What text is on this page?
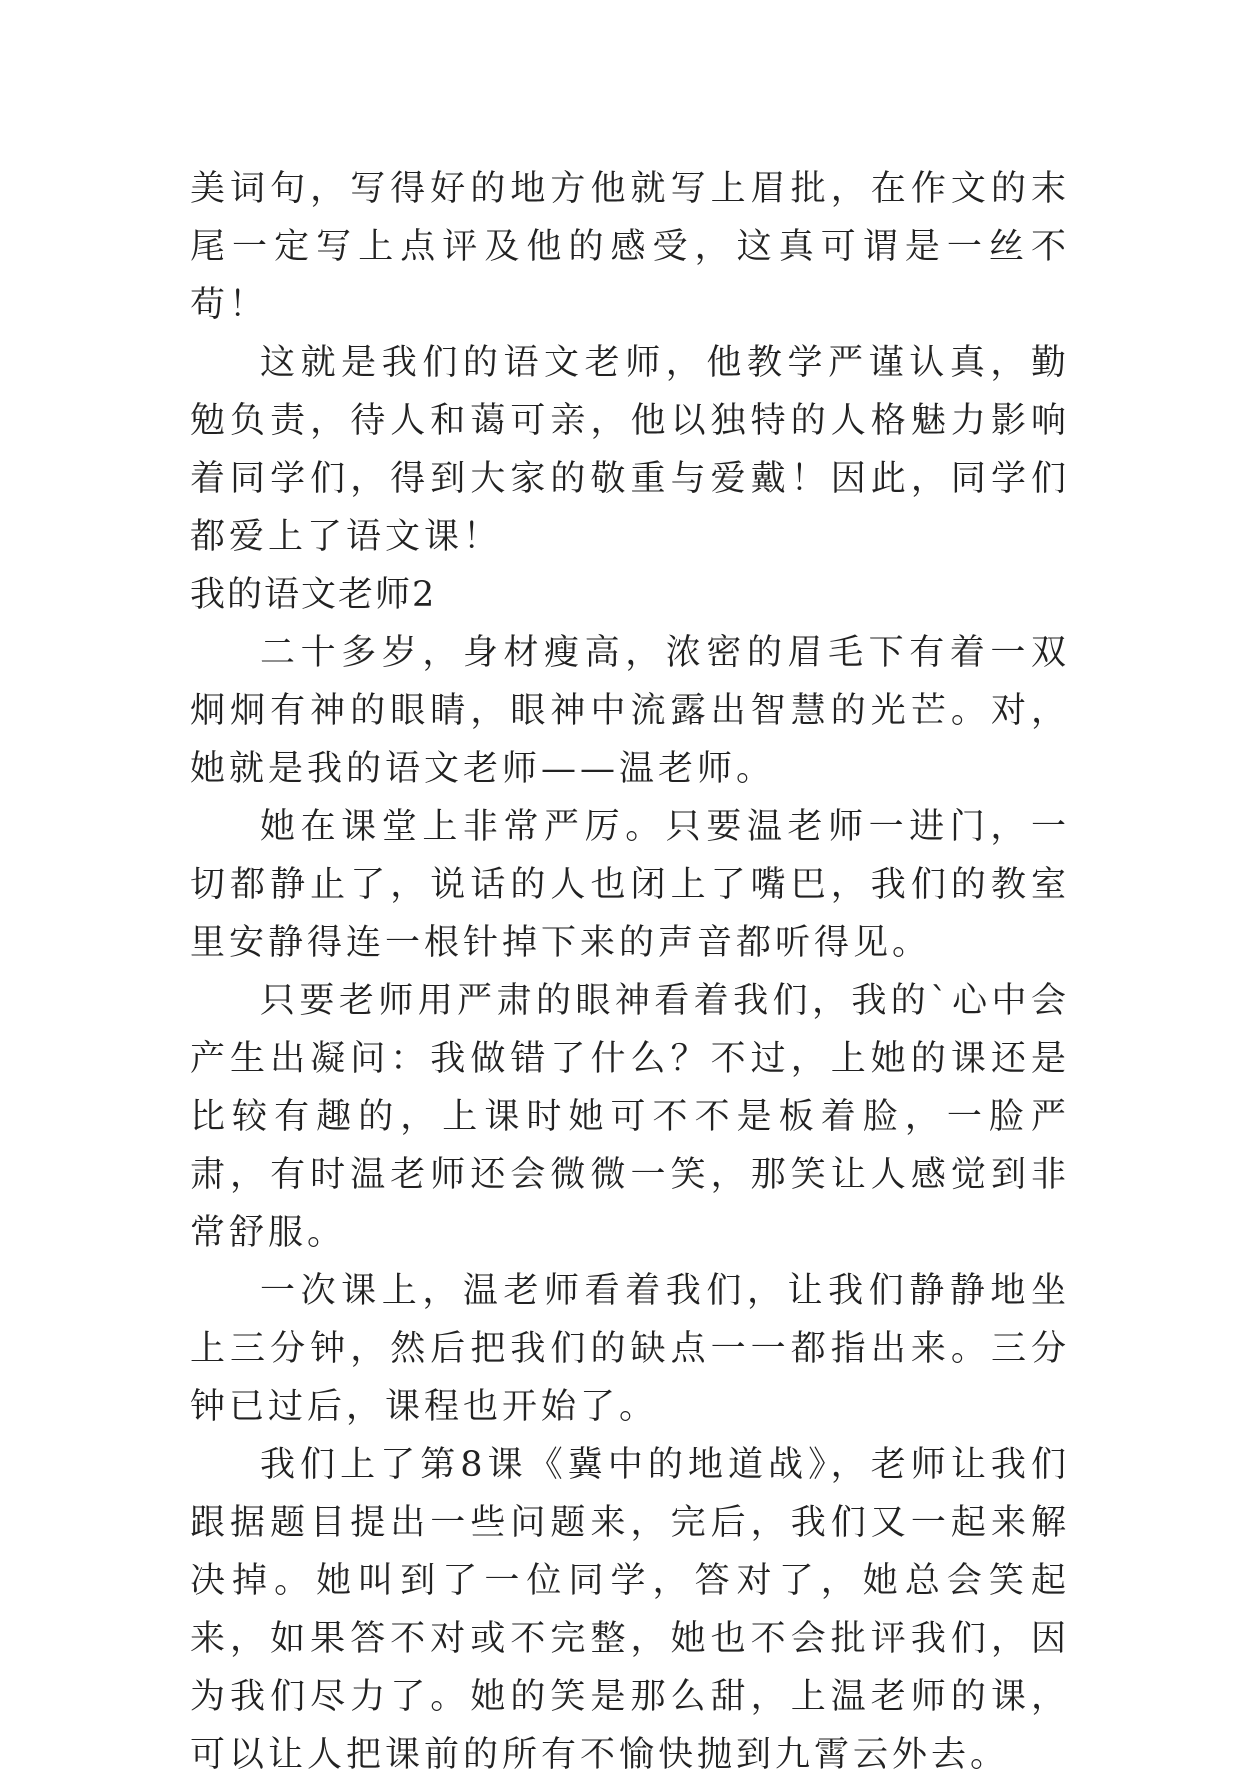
美词句，写得好的地方他就写上眉批，在作文的末尾一定写上点评及他的感受，这真可谓是一丝不苟！

这就是我们的语文老师，他教学严谨认真，勤勉负责，待人和蔼可亲，他以独特的人格魅力影响着同学们，得到大家的敬重与爱戴！因此，同学们都爱上了语文课！

我的语文老师2

二十多岁，身材瘦高，浓密的眉毛下有着一双炯炯有神的眼睛，眼神中流露出智慧的光芒。对，她就是我的语文老师——温老师。

她在课堂上非常严厉。只要温老师一进门，一切都静止了，说话的人也闭上了嘴巴，我们的教室里安静得连一根针掉下来的声音都听得见。

只要老师用严肃的眼神看着我们，我的`心中会产生出凝问：我做错了什么？不过，上她的课还是比较有趣的，上课时她可不不是板着脸，一脸严肃，有时温老师还会微微一笑，那笑让人感觉到非常舒服。

一次课上，温老师看着我们，让我们静静地坐上三分钟，然后把我们的缺点一一都指出来。三分钟已过后，课程也开始了。

我们上了第8课《冀中的地道战》，老师让我们跟据题目提出一些问题来，完后，我们又一起来解决掉。她叫到了一位同学，答对了，她总会笑起来，如果答不对或不完整，她也不会批评我们，因为我们尽力了。她的笑是那么甜，上温老师的课，可以让人把课前的所有不愉快抛到九霄云外去。
